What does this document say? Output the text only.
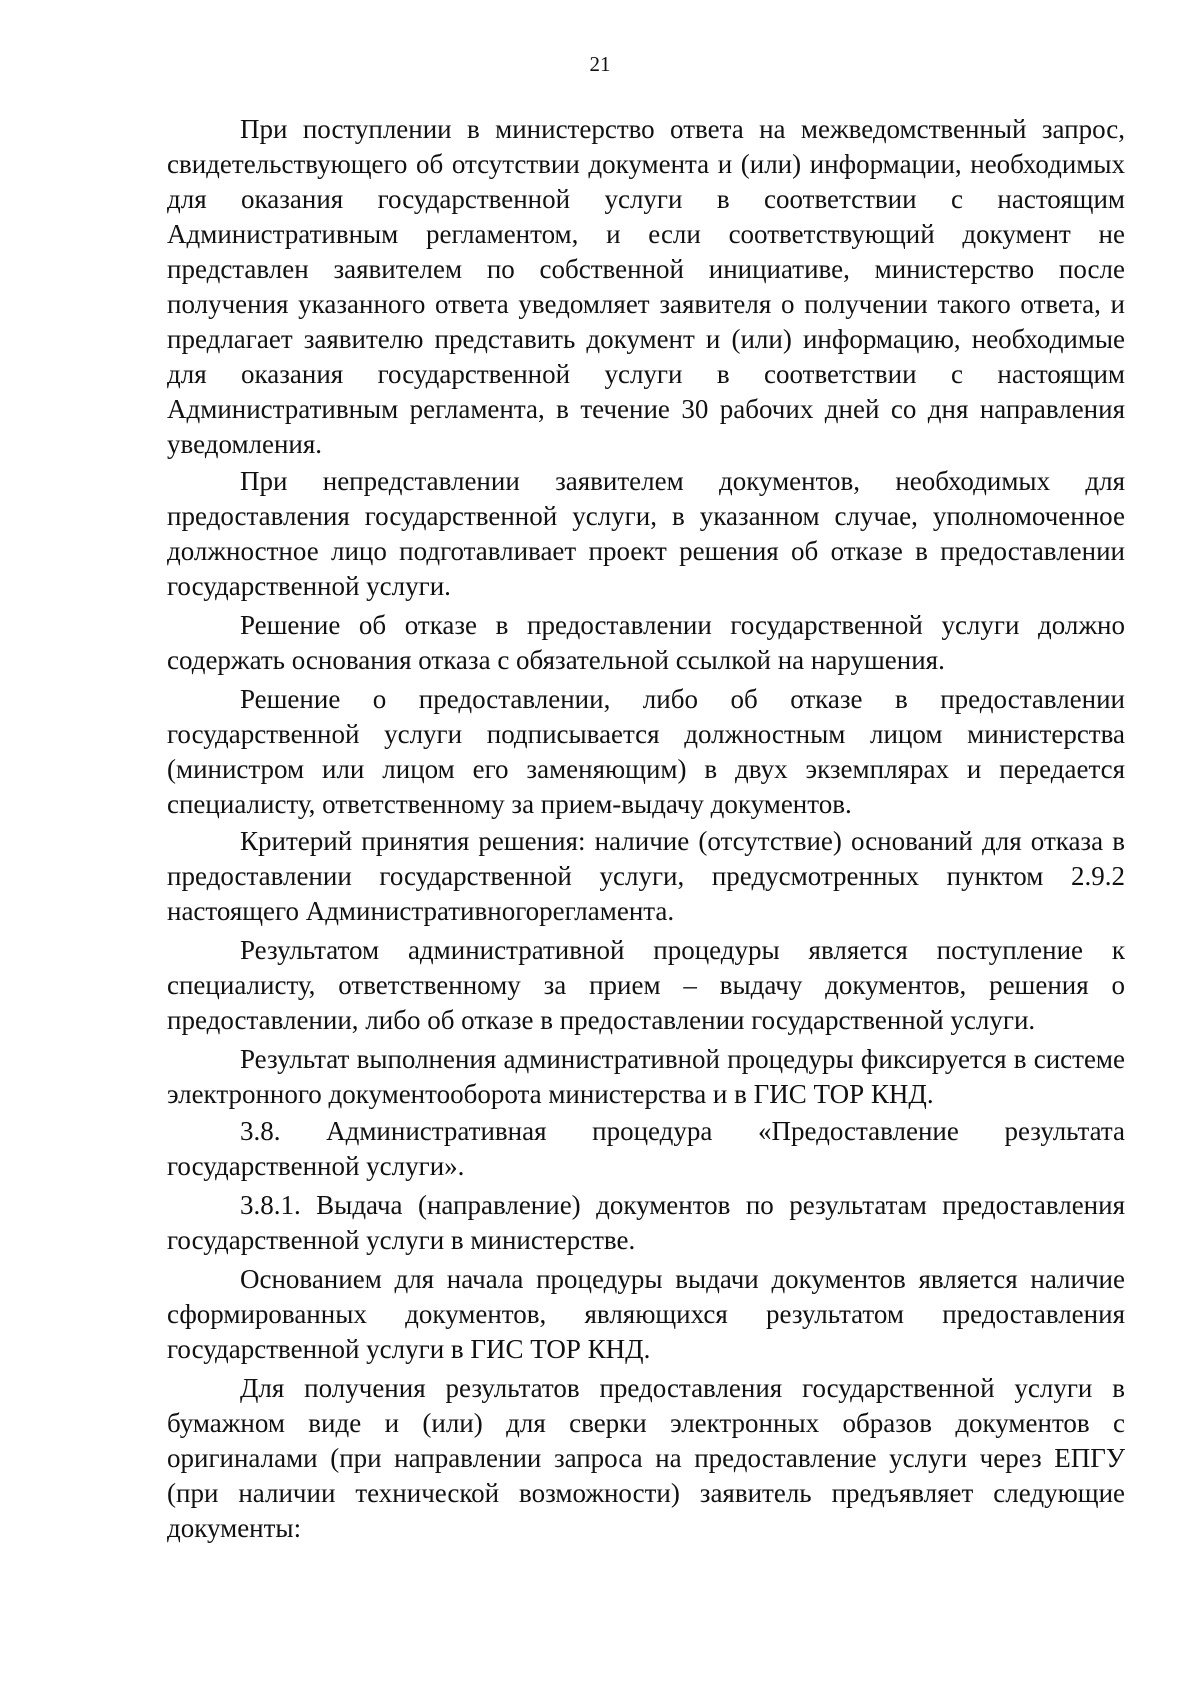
21

При поступлении в министерство ответа на межведомственный запрос, свидетельствующего об отсутствии документа и (или) информации, необходимых для оказания государственной услуги в соответствии с настоящим Административным регламентом, и если соответствующий документ не представлен заявителем по собственной инициативе, министерство после получения указанного ответа уведомляет заявителя о получении такого ответа, и предлагает заявителю представить документ и (или) информацию, необходимые для оказания государственной услуги в соответствии с настоящим Административным регламента, в течение 30 рабочих дней со дня направления уведомления.

При непредставлении заявителем документов, необходимых для предоставления государственной услуги, в указанном случае, уполномоченное должностное лицо подготавливает проект решения об отказе в предоставлении государственной услуги.

Решение об отказе в предоставлении государственной услуги должно содержать основания отказа с обязательной ссылкой на нарушения.

Решение о предоставлении, либо об отказе в предоставлении государственной услуги подписывается должностным лицом министерства (министром или лицом его заменяющим) в двух экземплярах и передается специалисту, ответственному за прием-выдачу документов.

Критерий принятия решения: наличие (отсутствие) оснований для отказа в предоставлении государственной услуги, предусмотренных пунктом 2.9.2 настоящего Административногорегламента.

Результатом административной процедуры является поступление к специалисту, ответственному за прием – выдачу документов, решения о предоставлении, либо об отказе в предоставлении государственной услуги.

Результат выполнения административной процедуры фиксируется в системе электронного документооборота министерства и в ГИС ТОР КНД.

3.8. Административная процедура «Предоставление результата государственной услуги».

3.8.1. Выдача (направление) документов по результатам предоставления государственной услуги в министерстве.

Основанием для начала процедуры выдачи документов является наличие сформированных документов, являющихся результатом предоставления государственной услуги в ГИС ТОР КНД.

Для получения результатов предоставления государственной услуги в бумажном виде и (или) для сверки электронных образов документов с оригиналами (при направлении запроса на предоставление услуги через ЕПГУ (при наличии технической возможности) заявитель предъявляет следующие документы:
